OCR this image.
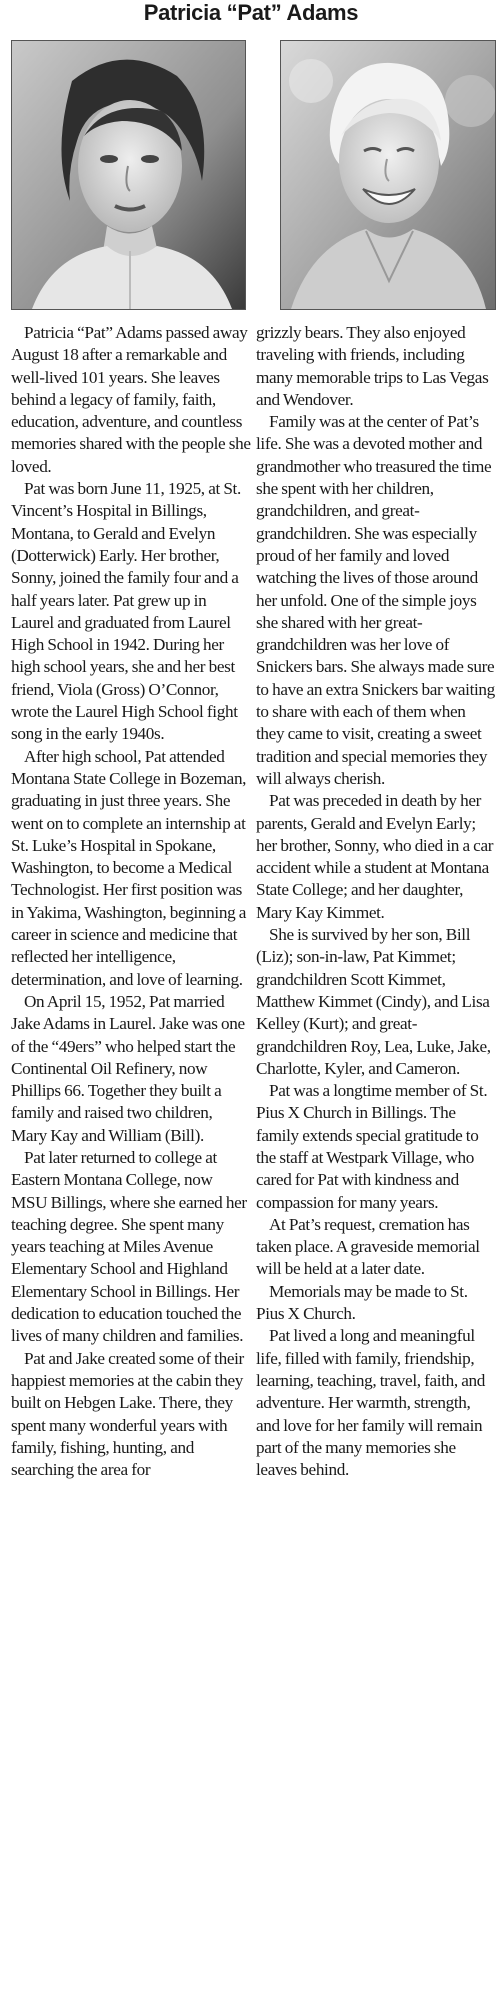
Patricia “Pat” Adams

Patricia “Pat” Adams passed away August 18 after a remarkable and well-lived 101 years. She leaves behind a legacy of family, faith, education, adventure, and countless memories shared with the people she loved.

Pat was born June 11, 1925, at St. Vincent’s Hospital in Billings, Montana, to Gerald and Evelyn (Dotterwick) Early. Her brother, Sonny, joined the family four and a half years later. Pat grew up in Laurel and graduated from Laurel High School in 1942. During her high school years, she and her best friend, Viola (Gross) O’Connor, wrote the Laurel High School fight song in the early 1940s.

After high school, Pat attended Montana State College in Bozeman, graduating in just three years. She went on to complete an internship at St. Luke’s Hospital in Spokane, Washington, to become a Medical Technologist. Her first position was in Yakima, Washington, beginning a career in science and medicine that reflected her intelligence, determination, and love of learning.

On April 15, 1952, Pat married Jake Adams in Laurel. Jake was one of the “49ers” who helped start the Continental Oil Refinery, now Phillips 66. Together they built a family and raised two children, Mary Kay and William (Bill).

Pat later returned to college at Eastern Montana College, now MSU Billings, where she earned her teaching degree. She spent many years teaching at Miles Avenue Elementary School and Highland Elementary School in Billings. Her dedication to education touched the lives of many children and families.

Pat and Jake created some of their happiest memories at the cabin they built on Hebgen Lake. There, they spent many wonderful years with family, fishing, hunting, and searching the area for

grizzly bears. They also enjoyed traveling with friends, including many memorable trips to Las Vegas and Wendover.

Family was at the center of Pat’s life. She was a devoted mother and grandmother who treasured the time she spent with her children, grandchildren, and great-grandchildren. She was especially proud of her family and loved watching the lives of those around her unfold. One of the simple joys she shared with her great-grandchildren was her love of Snickers bars. She always made sure to have an extra Snickers bar waiting to share with each of them when they came to visit, creating a sweet tradition and special memories they will always cherish.

Pat was preceded in death by her parents, Gerald and Evelyn Early; her brother, Sonny, who died in a car accident while a student at Montana State College; and her daughter, Mary Kay Kimmet.

She is survived by her son, Bill (Liz); son-in-law, Pat Kimmet; grandchildren Scott Kimmet, Matthew Kimmet (Cindy), and Lisa Kelley (Kurt); and great-grandchildren Roy, Lea, Luke, Jake, Charlotte, Kyler, and Cameron.

Pat was a longtime member of St. Pius X Church in Billings. The family extends special gratitude to the staff at Westpark Village, who cared for Pat with kindness and compassion for many years.

At Pat’s request, cremation has taken place. A graveside memorial will be held at a later date.

Memorials may be made to St. Pius X Church.

Pat lived a long and meaningful life, filled with family, friendship, learning, teaching, travel, faith, and adventure. Her warmth, strength, and love for her family will remain part of the many memories she leaves behind.
